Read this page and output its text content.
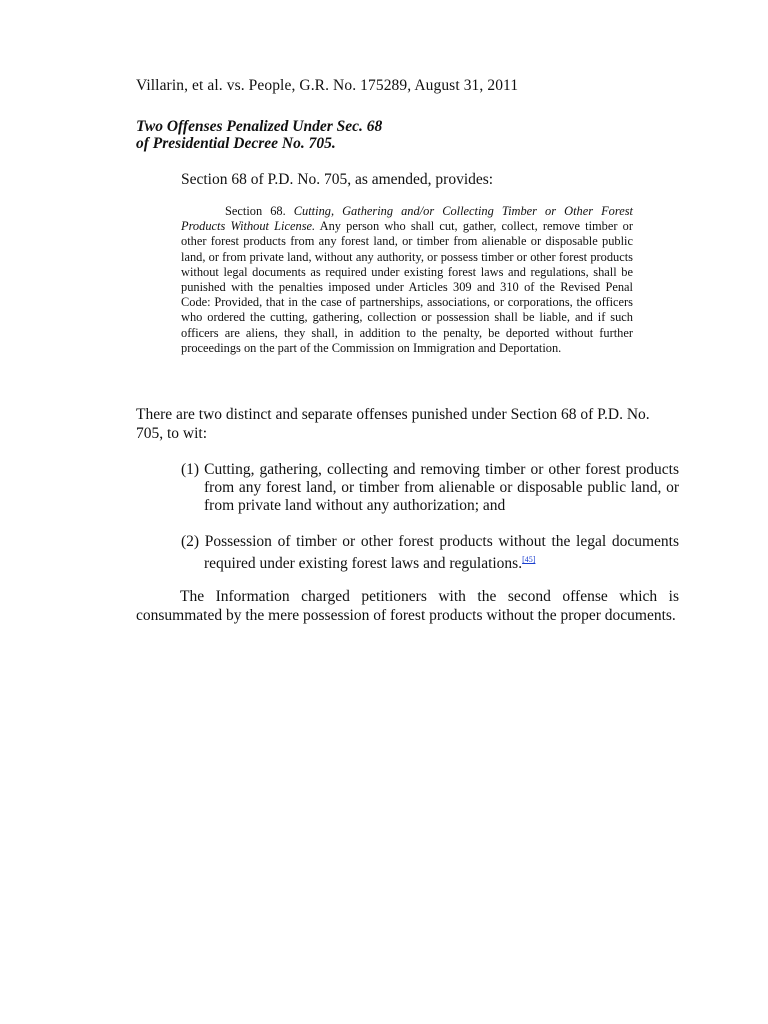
Villarin, et al. vs. People, G.R. No. 175289, August 31, 2011
Two Offenses Penalized Under Sec. 68
of Presidential Decree No. 705.
Section 68 of P.D. No. 705, as amended, provides:
Section 68. Cutting, Gathering and/or Collecting Timber or Other Forest Products Without License. Any person who shall cut, gather, collect, remove timber or other forest products from any forest land, or timber from alienable or disposable public land, or from private land, without any authority, or possess timber or other forest products without legal documents as required under existing forest laws and regulations, shall be punished with the penalties imposed under Articles 309 and 310 of the Revised Penal Code: Provided, that in the case of partnerships, associations, or corporations, the officers who ordered the cutting, gathering, collection or possession shall be liable, and if such officers are aliens, they shall, in addition to the penalty, be deported without further proceedings on the part of the Commission on Immigration and Deportation.
There are two distinct and separate offenses punished under Section 68 of P.D. No. 705, to wit:
(1) Cutting, gathering, collecting and removing timber or other forest products from any forest land, or timber from alienable or disposable public land, or from private land without any authorization; and
(2) Possession of timber or other forest products without the legal documents required under existing forest laws and regulations.[45]
The Information charged petitioners with the second offense which is consummated by the mere possession of forest products without the proper documents.
